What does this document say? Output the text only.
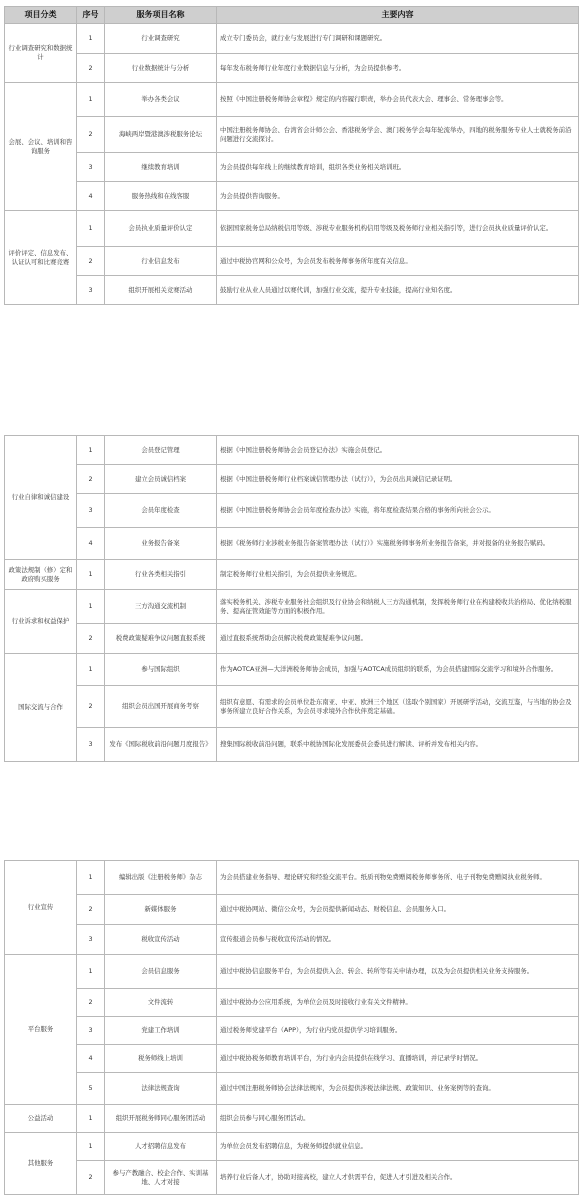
项目分类	序号	服务项目名称	主要内容
行业调查研究和数据统计	1	行业调查研究	成立专门委员会，就行业与发展进行专门调研和课题研究。
	2	行业数据统计与分析	每年发布税务师行业年度行业数据信息与分析，为会员提供参考。
会展、会议、培训和咨询服务	1	举办各类会议	按照《中国注册税务师协会章程》规定的内容履行职责，举办会员代表大会、理事会、常务理事会等。
	2	海峡两岸暨港澳涉税服务论坛	中国注册税务师协会、台湾省会计师公会、香港税务学会、澳门税务学会每年轮流举办，四地的税务服务专业人士就税务前沿问题进行交流探讨。
	3	继续教育培训	为会员提供每年线上的继续教育培训，组织各类业务相关培训班。
	4	服务热线和在线客服	为会员提供咨询服务。
评价评定、信息发布、认证认可和比赛竞赛	1	会员执业质量评价认定	依据国家税务总局纳税信用等级、涉税专业服务机构信用等级及税务师行业相关指引等，进行会员执业质量评价认定。
	2	行业信息发布	通过中税协官网和公众号，为会员发布税务师事务所年度有关信息。
	3	组织开展相关竞赛活动	鼓励行业从业人员通过以赛代训，加强行业交流，提升专业技能，提高行业知名度。
行业自律和诚信建设	1	会员登记管理	根据《中国注册税务师协会会员登记办法》实施会员登记。
	2	建立会员诚信档案	根据《中国注册税务师行业档案诚信管理办法（试行）》，为会员出具诚信记录证明。
	3	会员年度检查	根据《中国注册税务师协会会员年度检查办法》实施，将年度检查结果合格的事务所向社会公示。
	4	业务报告备案	根据《税务师行业涉税业务报告备案管理办法（试行）》实施税务师事务所业务报告备案，并对报备的业务报告赋码。
政策法规制（修）定和政府购买服务	1	行业各类相关指引	制定税务师行业相关指引，为会员提供业务规范。
行业诉求和权益保护	1	三方沟通交流机制	落实税务机关、涉税专业服务社会组织及行业协会和纳税人三方沟通机制，发挥税务师行业在构建税收共治格局、优化纳税服务、提高征管效能等方面的积极作用。
	2	税费政策疑难争议问题直报系统	通过直报系统帮助会员解决税费政策疑难争议问题。
国际交流与合作	1	参与国际组织	作为AOTCA亚洲—大洋洲税务师协会成员，加强与AOTCA成员组织的联系，为会员搭建国际交流学习和境外合作服务。
	2	组织会员出国开展商务考察	组织有意愿、有需求的会员单位赴东南亚、中亚、欧洲三个地区（选取个别国家）开展研学活动，交流互鉴，与当地的协会及事务所建立良好合作关系，为会员寻求境外合作伙伴奠定基础。
	3	发布《国际税收前沿问题月度报告》	搜集国际税收前沿问题，联系中税协国际化发展委员会委员进行解读、评析并发布相关内容。
行业宣传	1	编辑出版《注册税务师》杂志	为会员搭建业务指导、理论研究和经验交流平台。纸质刊物免费赠阅税务师事务所、电子刊物免费赠阅执业税务师。
	2	新媒体服务	通过中税协网站、微信公众号，为会员提供新闻动态、财税信息、会员服务入口。
	3	税收宣传活动	宣传报道会员参与税收宣传活动的情况。
平台服务	1	会员信息服务	通过中税协信息服务平台，为会员提供入会、转会、转所等有关申请办理，以及为会员提供相关业务支持服务。
	2	文件流转	通过中税协办公应用系统，为单位会员及时接收行业有关文件精神。
	3	党建工作培训	通过税务师党建平台（APP），为行业内党员提供学习培训服务。
	4	税务师线上培训	通过中税协税务师教育培训平台，为行业内会员提供在线学习、直播培训，并记录学时情况。
	5	法律法规查询	通过中国注册税务师协会法律法规库，为会员提供涉税法律法规、政策知识、业务案例等的查询。
公益活动	1	组织开展税务师同心服务团活动	组织会员参与同心服务团活动。
其他服务	1	人才招聘信息发布	为单位会员发布招聘信息，为税务师提供就业信息。
	2	参与产教融合、校企合作、实训基地、人才对接	培养行业后备人才，协助对接高校，建立人才供需平台，促进人才引进及相关合作。
